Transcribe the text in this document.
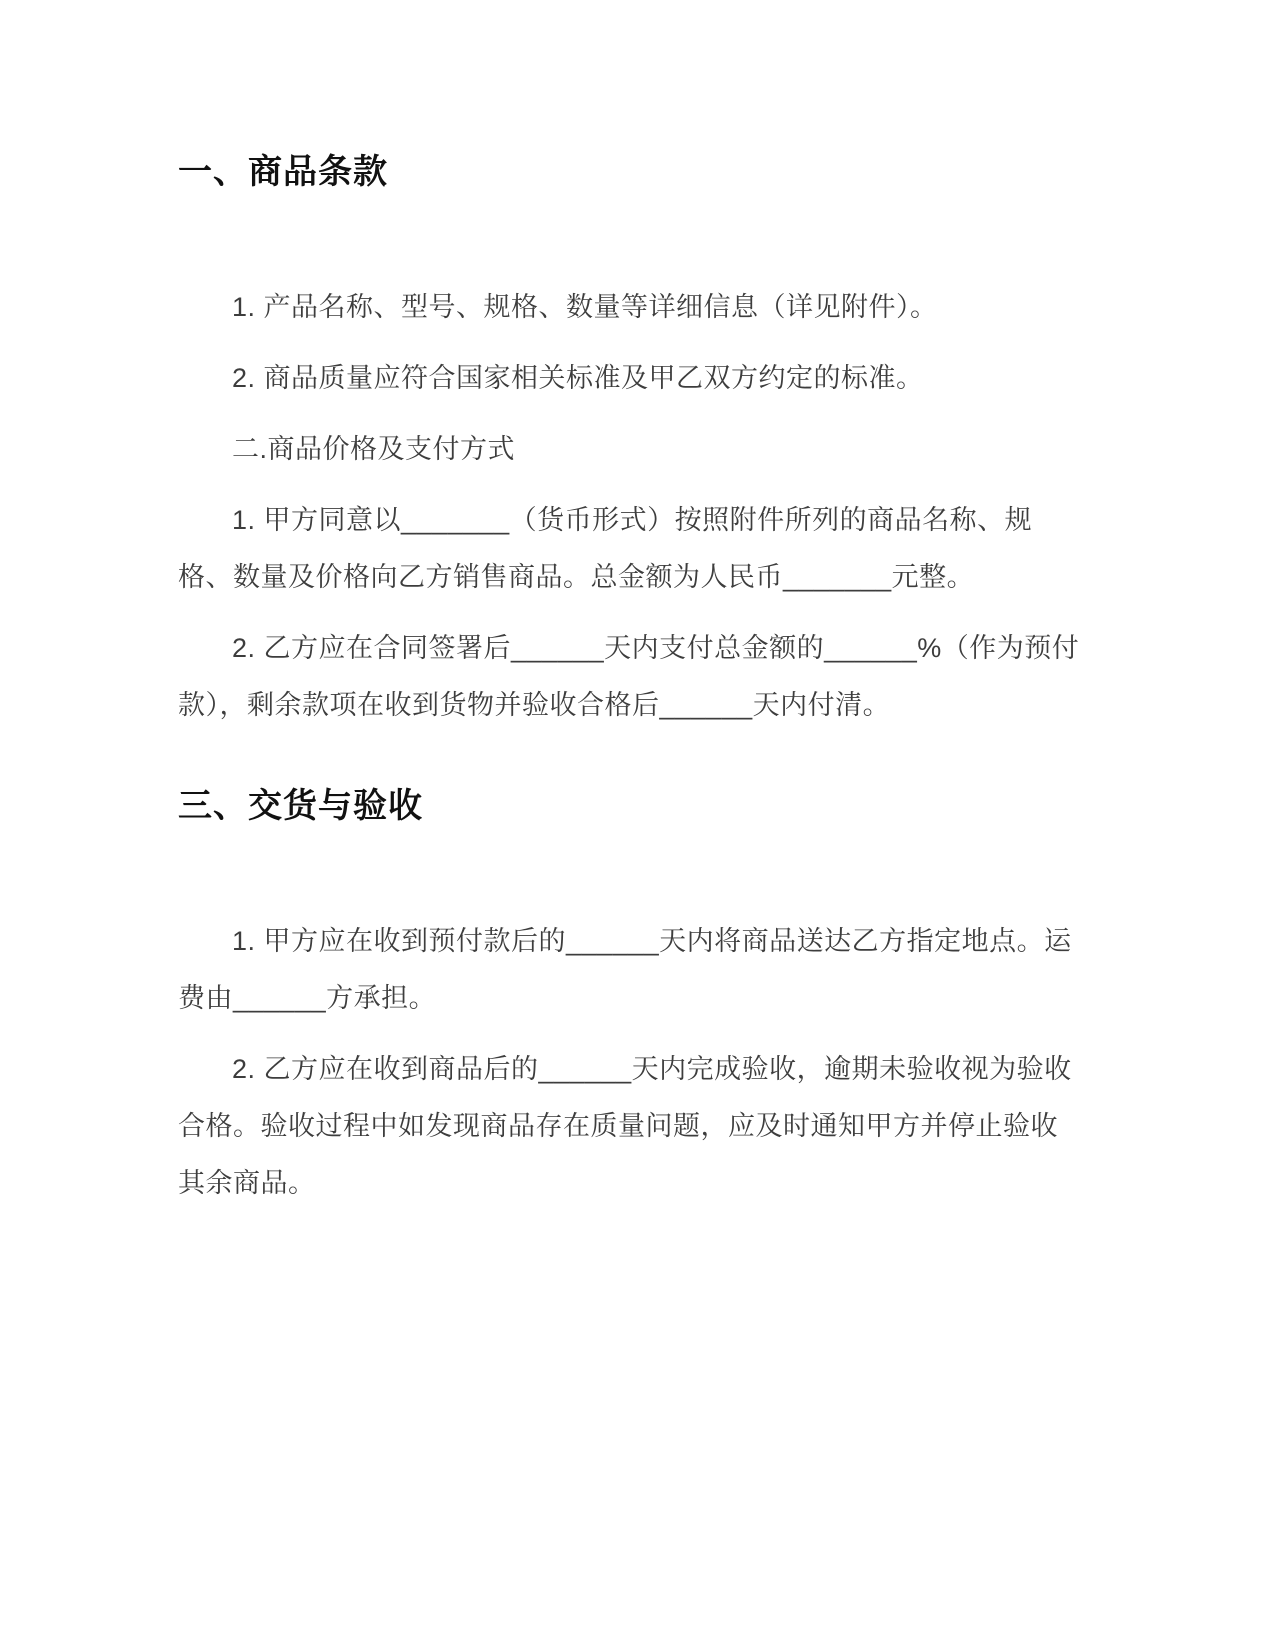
一、商品条款

1. 产品名称、型号、规格、数量等详细信息（详见附件）。

2. 商品质量应符合国家相关标准及甲乙双方约定的标准。

二.商品价格及支付方式

1. 甲方同意以_______（货币形式）按照附件所列的商品名称、规格、数量及价格向乙方销售商品。总金额为人民币_______元整。

2. 乙方应在合同签署后______天内支付总金额的______%（作为预付款），剩余款项在收到货物并验收合格后______天内付清。

三、交货与验收

1. 甲方应在收到预付款后的______天内将商品送达乙方指定地点。运费由______方承担。

2. 乙方应在收到商品后的______天内完成验收，逾期未验收视为验收合格。验收过程中如发现商品存在质量问题，应及时通知甲方并停止验收其余商品。
